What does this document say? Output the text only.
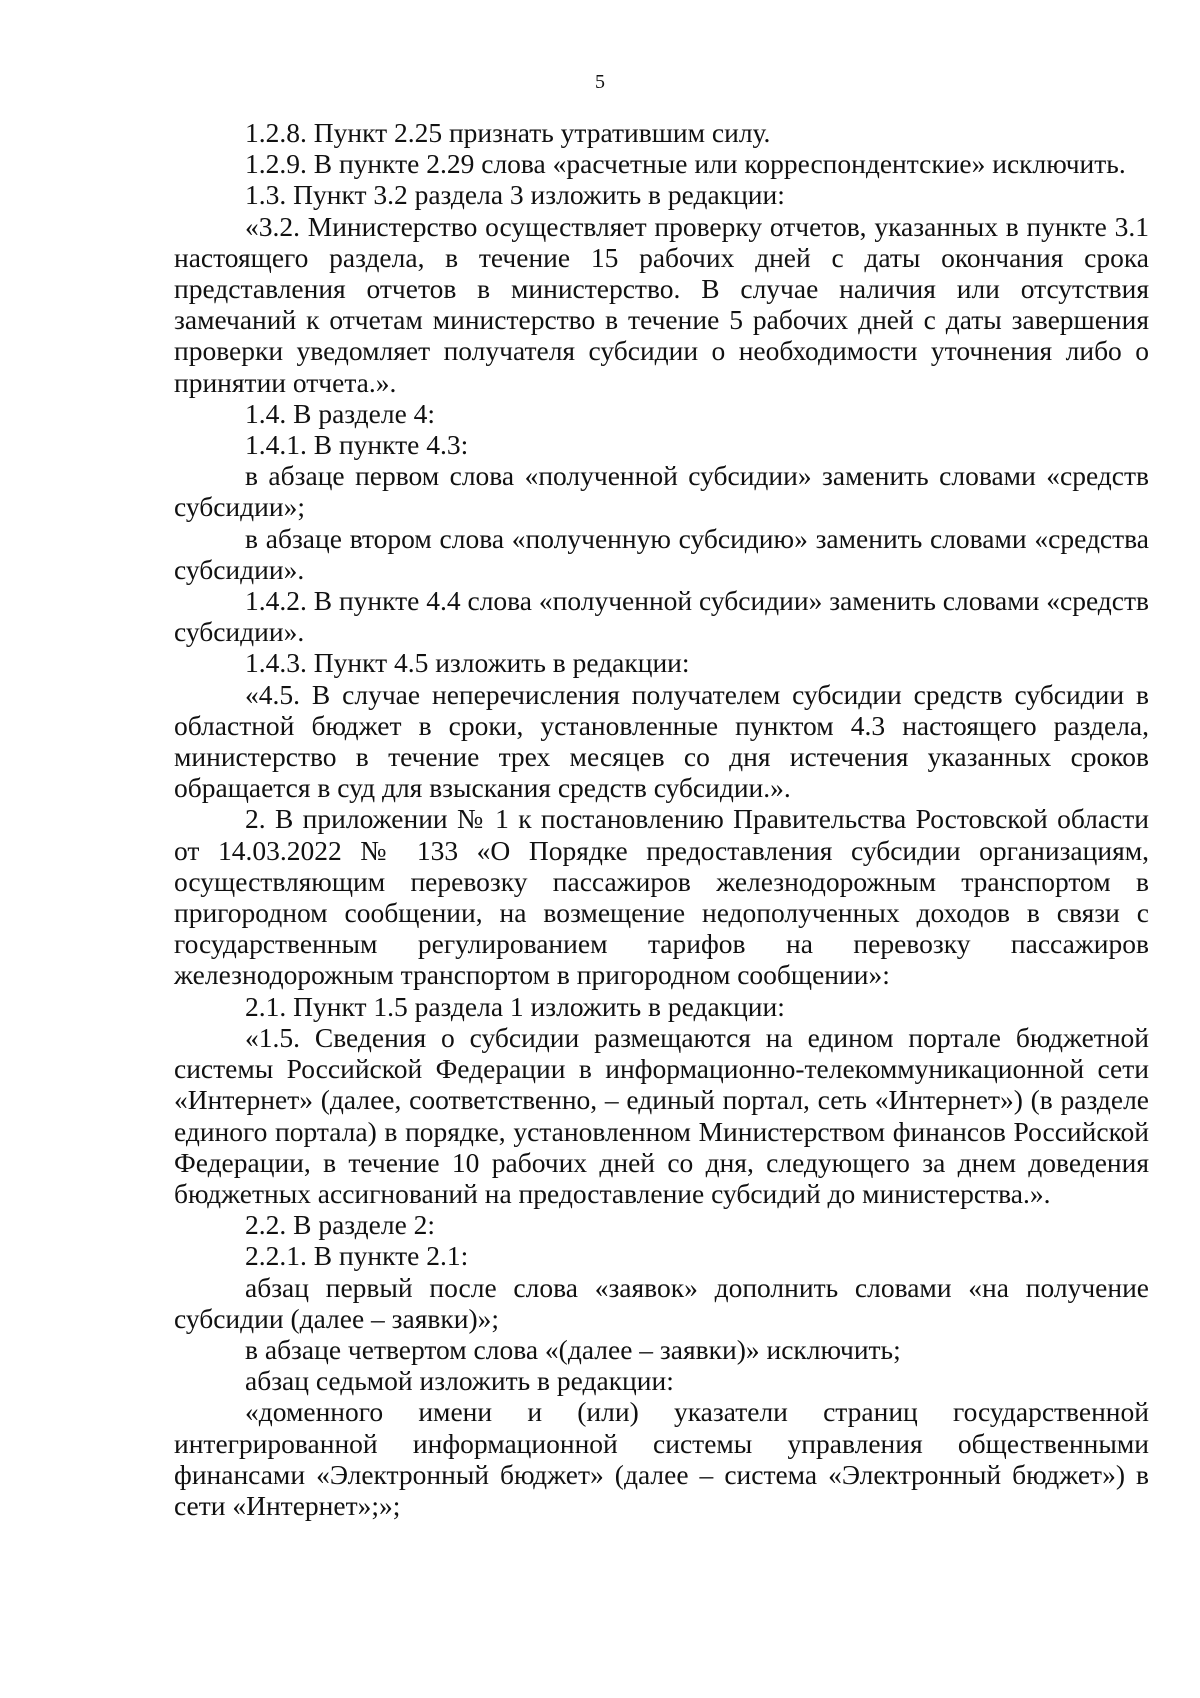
5

1.2.8. Пункт 2.25 признать утратившим силу.

1.2.9. В пункте 2.29 слова «расчетные или корреспондентские» исключить.

1.3. Пункт 3.2 раздела 3 изложить в редакции:

«3.2. Министерство осуществляет проверку отчетов, указанных в пункте 3.1 настоящего раздела, в течение 15 рабочих дней с даты окончания срока представления отчетов в министерство. В случае наличия или отсутствия замечаний к отчетам министерство в течение 5 рабочих дней с даты завершения проверки уведомляет получателя субсидии о необходимости уточнения либо о принятии отчета.».

1.4. В разделе 4:

1.4.1. В пункте 4.3:

в абзаце первом слова «полученной субсидии» заменить словами «средств субсидии»;

в абзаце втором слова «полученную субсидию» заменить словами «средства субсидии».

1.4.2. В пункте 4.4 слова «полученной субсидии» заменить словами «средств субсидии».

1.4.3. Пункт 4.5 изложить в редакции:

«4.5. В случае неперечисления получателем субсидии средств субсидии в областной бюджет в сроки, установленные пунктом 4.3 настоящего раздела, министерство в течение трех месяцев со дня истечения указанных сроков обращается в суд для взыскания средств субсидии.».

2. В приложении № 1 к постановлению Правительства Ростовской области от 14.03.2022 № 133 «О Порядке предоставления субсидии организациям, осуществляющим перевозку пассажиров железнодорожным транспортом в пригородном сообщении, на возмещение недополученных доходов в связи с государственным регулированием тарифов на перевозку пассажиров железнодорожным транспортом в пригородном сообщении»:

2.1. Пункт 1.5 раздела 1 изложить в редакции:

«1.5. Сведения о субсидии размещаются на едином портале бюджетной системы Российской Федерации в информационно-телекоммуникационной сети «Интернет» (далее, соответственно, – единый портал, сеть «Интернет») (в разделе единого портала) в порядке, установленном Министерством финансов Российской Федерации, в течение 10 рабочих дней со дня, следующего за днем доведения бюджетных ассигнований на предоставление субсидий до министерства.».

2.2. В разделе 2:

2.2.1. В пункте 2.1:

абзац первый после слова «заявок» дополнить словами «на получение субсидии (далее – заявки)»;

в абзаце четвертом слова «(далее – заявки)» исключить;

абзац седьмой изложить в редакции:

«доменного имени и (или) указатели страниц государственной интегрированной информационной системы управления общественными финансами «Электронный бюджет» (далее – система «Электронный бюджет») в сети «Интернет»;»;
